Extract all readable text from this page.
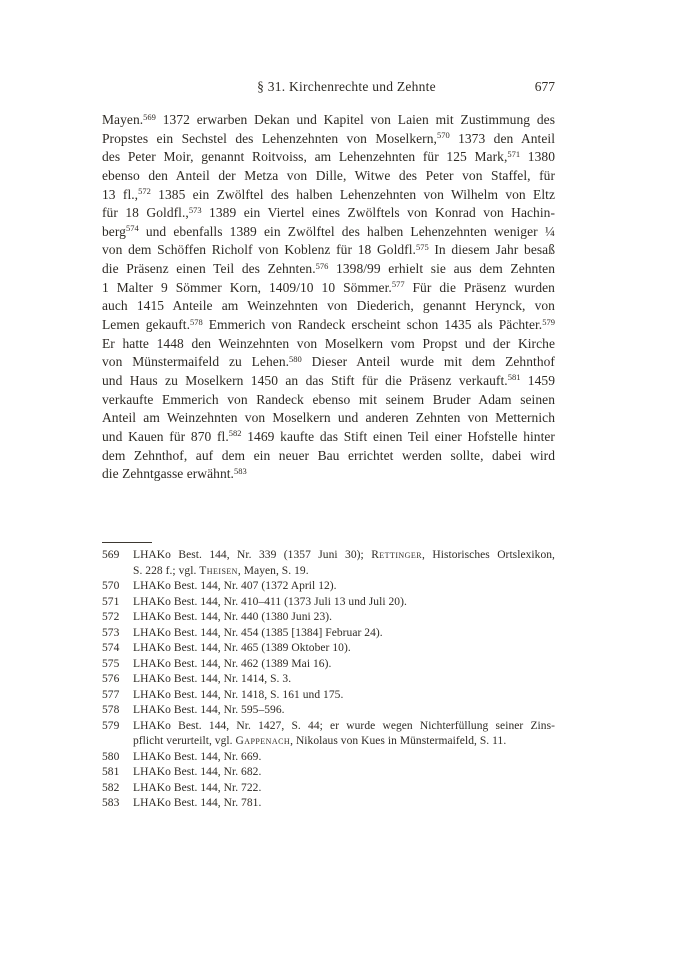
§ 31. Kirchenrechte und Zehnte	677
Mayen.$^{569}$ 1372 erwarben Dekan und Kapitel von Laien mit Zustimmung des
Propstes ein Sechstel des Lehenzehnten von Moselkern,$^{570}$ 1373 den Anteil
des Peter Moir, genannt Roitvoiss, am Lehenzehnten für 125 Mark,$^{571}$ 1380
ebenso den Anteil der Metza von Dille, Witwe des Peter von Staffel, für
13 fl.,$^{572}$ 1385 ein Zwölftel des halben Lehenzehnten von Wilhelm von Eltz
für 18 Goldfl.,$^{573}$ 1389 ein Viertel eines Zwölftels von Konrad von Hachin-
berg$^{574}$ und ebenfalls 1389 ein Zwölftel des halben Lehenzehnten weniger ¼
von dem Schöffen Richolf von Koblenz für 18 Goldfl.$^{575}$ In diesem Jahr besaß
die Präsenz einen Teil des Zehnten.$^{576}$ 1398/99 erhielt sie aus dem Zehnten
1 Malter 9 Sömmer Korn, 1409/10 10 Sömmer.$^{577}$ Für die Präsenz wurden
auch 1415 Anteile am Weinzehnten von Diederich, genannt Herynck, von
Lemen gekauft.$^{578}$ Emmerich von Randeck erscheint schon 1435 als Pächter.$^{579}$
Er hatte 1448 den Weinzehnten von Moselkern vom Propst und der Kirche
von Münstermaifeld zu Lehen.$^{580}$ Dieser Anteil wurde mit dem Zehnthof
und Haus zu Moselkern 1450 an das Stift für die Präsenz verkauft.$^{581}$ 1459
verkaufte Emmerich von Randeck ebenso mit seinem Bruder Adam seinen
Anteil am Weinzehnten von Moselkern und anderen Zehnten von Metternich
und Kauen für 870 fl.$^{582}$ 1469 kaufte das Stift einen Teil einer Hofstelle hinter
dem Zehnthof, auf dem ein neuer Bau errichtet werden sollte, dabei wird
die Zehntgasse erwähnt.$^{583}$
569 LHAKo Best. 144, Nr. 339 (1357 Juni 30); Rettinger, Historisches Ortslexikon,
S. 228 f.; vgl. Theisen, Mayen, S. 19.
570 LHAKo Best. 144, Nr. 407 (1372 April 12).
571 LHAKo Best. 144, Nr. 410–411 (1373 Juli 13 und Juli 20).
572 LHAKo Best. 144, Nr. 440 (1380 Juni 23).
573 LHAKo Best. 144, Nr. 454 (1385 [1384] Februar 24).
574 LHAKo Best. 144, Nr. 465 (1389 Oktober 10).
575 LHAKo Best. 144, Nr. 462 (1389 Mai 16).
576 LHAKo Best. 144, Nr. 1414, S. 3.
577 LHAKo Best. 144, Nr. 1418, S. 161 und 175.
578 LHAKo Best. 144, Nr. 595–596.
579 LHAKo Best. 144, Nr. 1427, S. 44; er wurde wegen Nichterfüllung seiner Zins-
pflicht verurteilt, vgl. Gappenach, Nikolaus von Kues in Münstermaifeld, S. 11.
580 LHAKo Best. 144, Nr. 669.
581 LHAKo Best. 144, Nr. 682.
582 LHAKo Best. 144, Nr. 722.
583 LHAKo Best. 144, Nr. 781.
